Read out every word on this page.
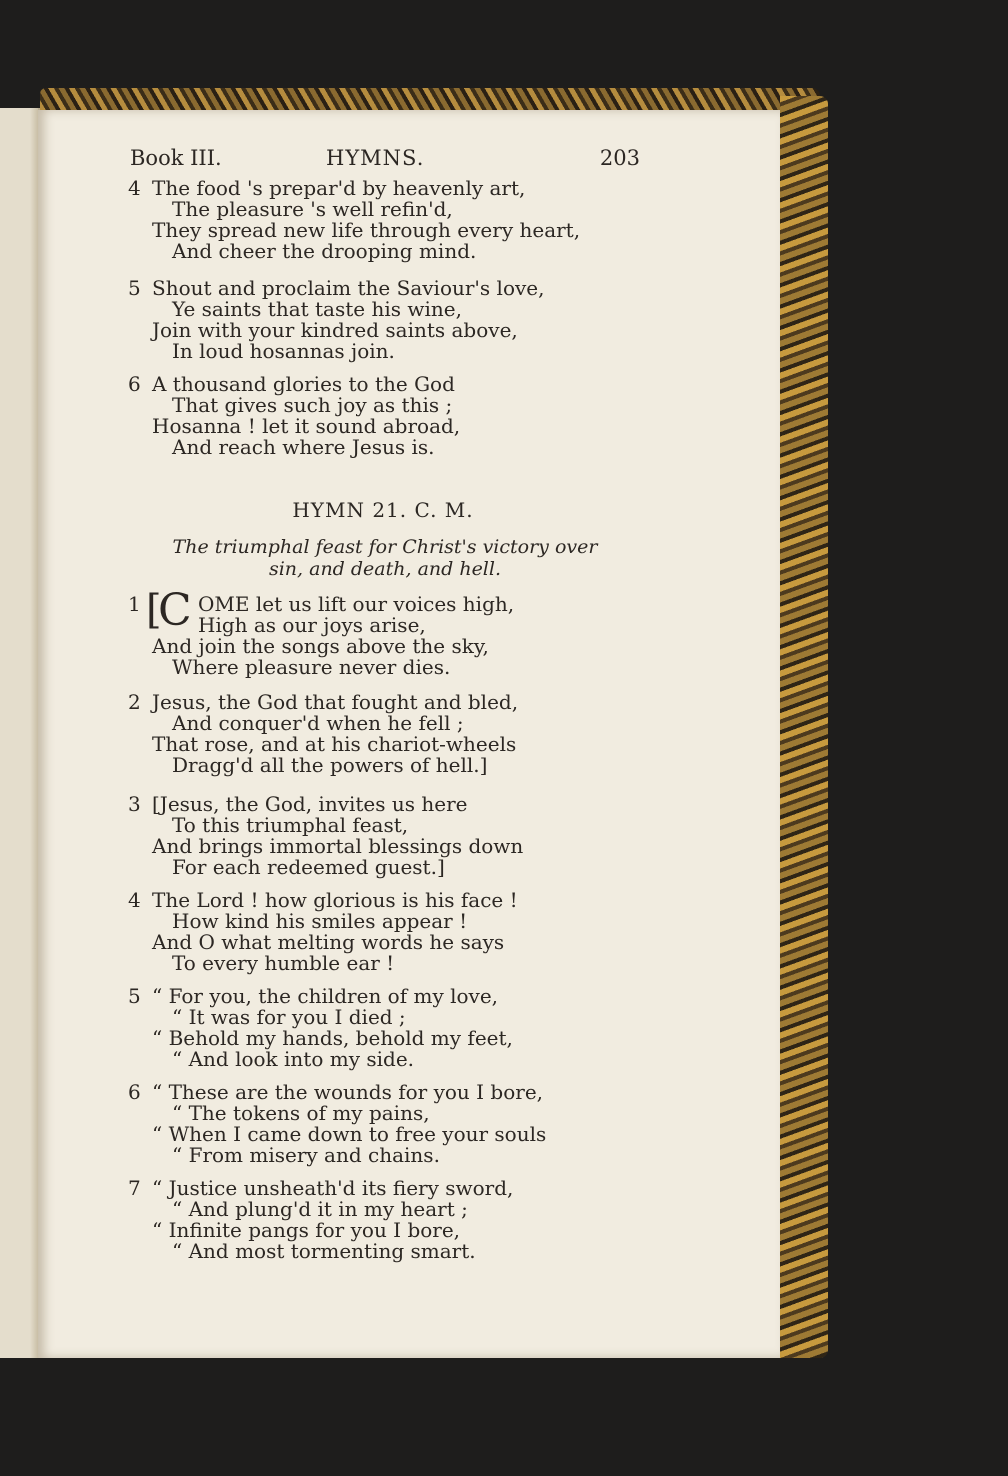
Book III.	HYMNS.	203
4 The food 's prepar'd by heavenly art,
The pleasure 's well refin'd,
They spread new life through every heart,
And cheer the drooping mind.
5 Shout and proclaim the Saviour's love,
Ye saints that taste his wine,
Join with your kindred saints above,
In loud hosannas join.
6 A thousand glories to the God
That gives such joy as this ;
Hosanna ! let it sound abroad,
And reach where Jesus is.
HYMN 21. C. M.
The triumphal feast for Christ's victory over
sin, and death, and hell.
1 [
C OME let us lift our voices high,
High as our joys arise,
And join the songs above the sky,
Where pleasure never dies.
2 Jesus, the God that fought and bled,
And conquer'd when he fell ;
That rose, and at his chariot-wheels
Dragg'd all the powers of hell.]
3 [Jesus, the God, invites us here
To this triumphal feast,
And brings immortal blessings down
For each redeemed guest.]
4 The Lord ! how glorious is his face !
How kind his smiles appear !
And O what melting words he says
To every humble ear !
5 “ For you, the children of my love,
“ It was for you I died ;
“ Behold my hands, behold my feet,
“ And look into my side.
6 “ These are the wounds for you I bore,
“ The tokens of my pains,
“ When I came down to free your souls
“ From misery and chains.
7 “ Justice unsheath'd its fiery sword,
“ And plung'd it in my heart ;
“ Infinite pangs for you I bore,
“ And most tormenting smart.
